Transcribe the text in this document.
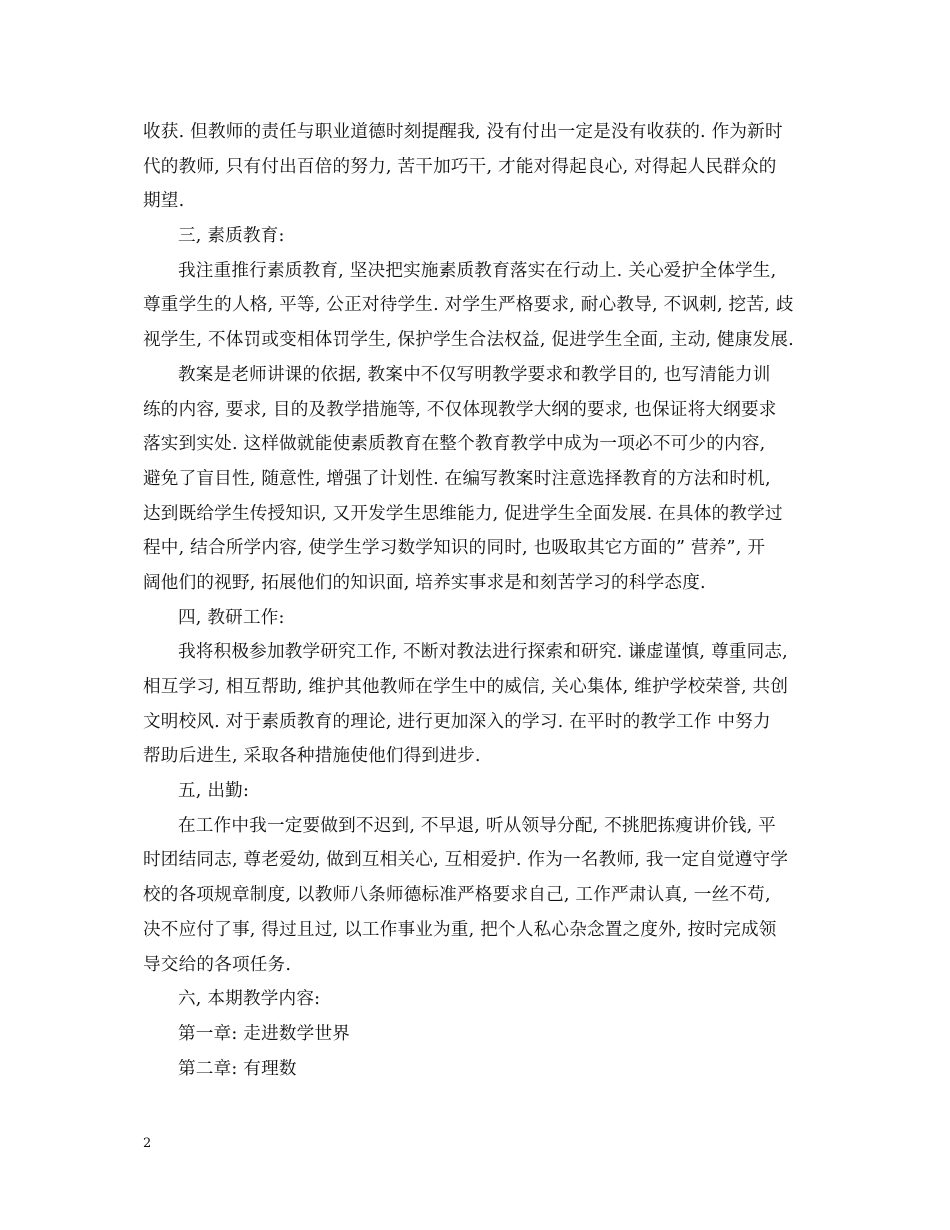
收获. 但教师的责任与职业道德时刻提醒我, 没有付出一定是没有收获的. 作为新时
代的教师, 只有付出百倍的努力, 苦干加巧干, 才能对得起良心, 对得起人民群众的
期望.
三, 素质教育:
我注重推行素质教育, 坚决把实施素质教育落实在行动上. 关心爱护全体学生,
尊重学生的人格, 平等, 公正对待学生. 对学生严格要求, 耐心教导, 不讽刺, 挖苦, 歧
视学生, 不体罚或变相体罚学生, 保护学生合法权益, 促进学生全面, 主动, 健康发展.
教案是老师讲课的依据, 教案中不仅写明教学要求和教学目的, 也写清能力训
练的内容, 要求, 目的及教学措施等, 不仅体现教学大纲的要求, 也保证将大纲要求
落实到实处. 这样做就能使素质教育在整个教育教学中成为一项必不可少的内容,
避免了盲目性, 随意性, 增强了计划性. 在编写教案时注意选择教育的方法和时机,
达到既给学生传授知识, 又开发学生思维能力, 促进学生全面发展. 在具体的教学过
程中, 结合所学内容, 使学生学习数学知识的同时, 也吸取其它方面的” 营养”, 开
阔他们的视野, 拓展他们的知识面, 培养实事求是和刻苦学习的科学态度.
四, 教研工作:
我将积极参加教学研究工作, 不断对教法进行探索和研究. 谦虚谨慎, 尊重同志,
相互学习, 相互帮助, 维护其他教师在学生中的威信, 关心集体, 维护学校荣誉, 共创
文明校风. 对于素质教育的理论, 进行更加深入的学习. 在平时的教学工作 中努力
帮助后进生, 采取各种措施使他们得到进步.
五, 出勤:
在工作中我一定要做到不迟到, 不早退, 听从领导分配, 不挑肥拣瘦讲价钱, 平
时团结同志, 尊老爱幼, 做到互相关心, 互相爱护. 作为一名教师, 我一定自觉遵守学
校的各项规章制度, 以教师八条师德标准严格要求自己, 工作严肃认真, 一丝不苟,
决不应付了事, 得过且过, 以工作事业为重, 把个人私心杂念置之度外, 按时完成领
导交给的各项任务.
六, 本期教学内容:
第一章: 走进数学世界
第二章: 有理数
2
